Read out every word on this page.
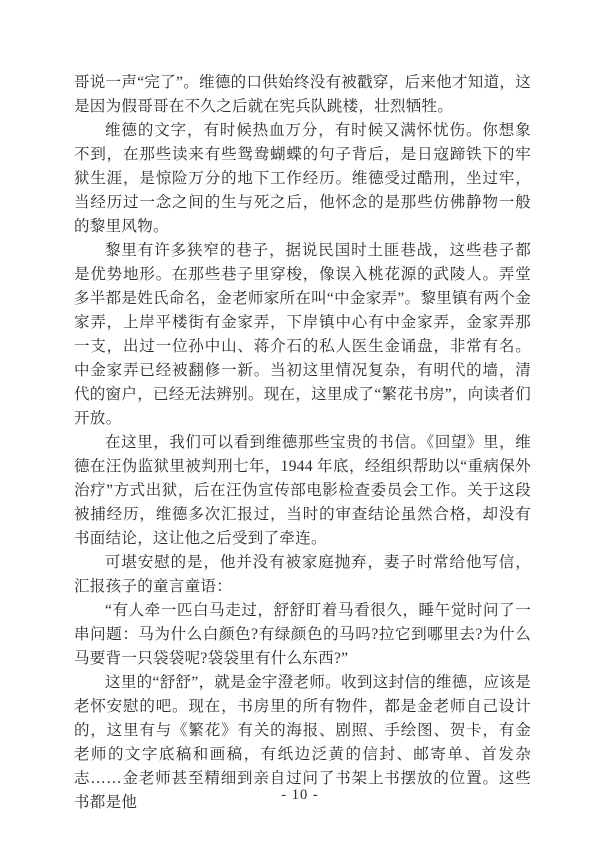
哥说一声“完了”。维德的口供始终没有被戳穿，后来他才知道，这是因为假哥哥在不久之后就在宪兵队跳楼，壮烈牺牲。

维德的文字，有时候热血万分，有时候又满怀忧伤。你想象不到，在那些读来有些鸳鸯蝴蝶的句子背后，是日寇蹄铁下的牢狱生涯，是惊险万分的地下工作经历。维德受过酷刑，坐过牢，当经历过一念之间的生与死之后，他怀念的是那些仿佛静物一般的黎里风物。

黎里有许多狭窄的巷子，据说民国时土匪巷战，这些巷子都是优势地形。在那些巷子里穿梭，像误入桃花源的武陵人。弄堂多半都是姓氏命名，金老师家所在叫“中金家弄”。黎里镇有两个金家弄，上岸平楼街有金家弄，下岸镇中心有中金家弄，金家弄那一支，出过一位孙中山、蒋介石的私人医生金诵盘，非常有名。中金家弄已经被翻修一新。当初这里情况复杂，有明代的墙，清代的窗户，已经无法辨别。现在，这里成了“繁花书房”，向读者们开放。

在这里，我们可以看到维德那些宝贵的书信。《回望》里，维德在汪伪监狱里被判刑七年，1944 年底，经组织帮助以“重病保外治疗”方式出狱，后在汪伪宣传部电影检查委员会工作。关于这段被捕经历，维德多次汇报过，当时的审查结论虽然合格，却没有书面结论，这让他之后受到了牵连。

可堪安慰的是，他并没有被家庭抛弃，妻子时常给他写信，汇报孩子的童言童语：

“有人牵一匹白马走过，舒舒盯着马看很久，睡午觉时问了一串问题：马为什么白颜色?有绿颜色的马吗?拉它到哪里去?为什么马要背一只袋袋呢?袋袋里有什么东西?”

这里的“舒舒”，就是金宇澄老师。收到这封信的维德，应该是老怀安慰的吧。现在，书房里的所有物件，都是金老师自己设计的，这里有与《繁花》有关的海报、剧照、手绘图、贺卡，有金老师的文字底稿和画稿，有纸边泛黄的信封、邮寄单、首发杂志……金老师甚至精细到亲自过问了书架上书摆放的位置。这些书都是他	- 10 -
